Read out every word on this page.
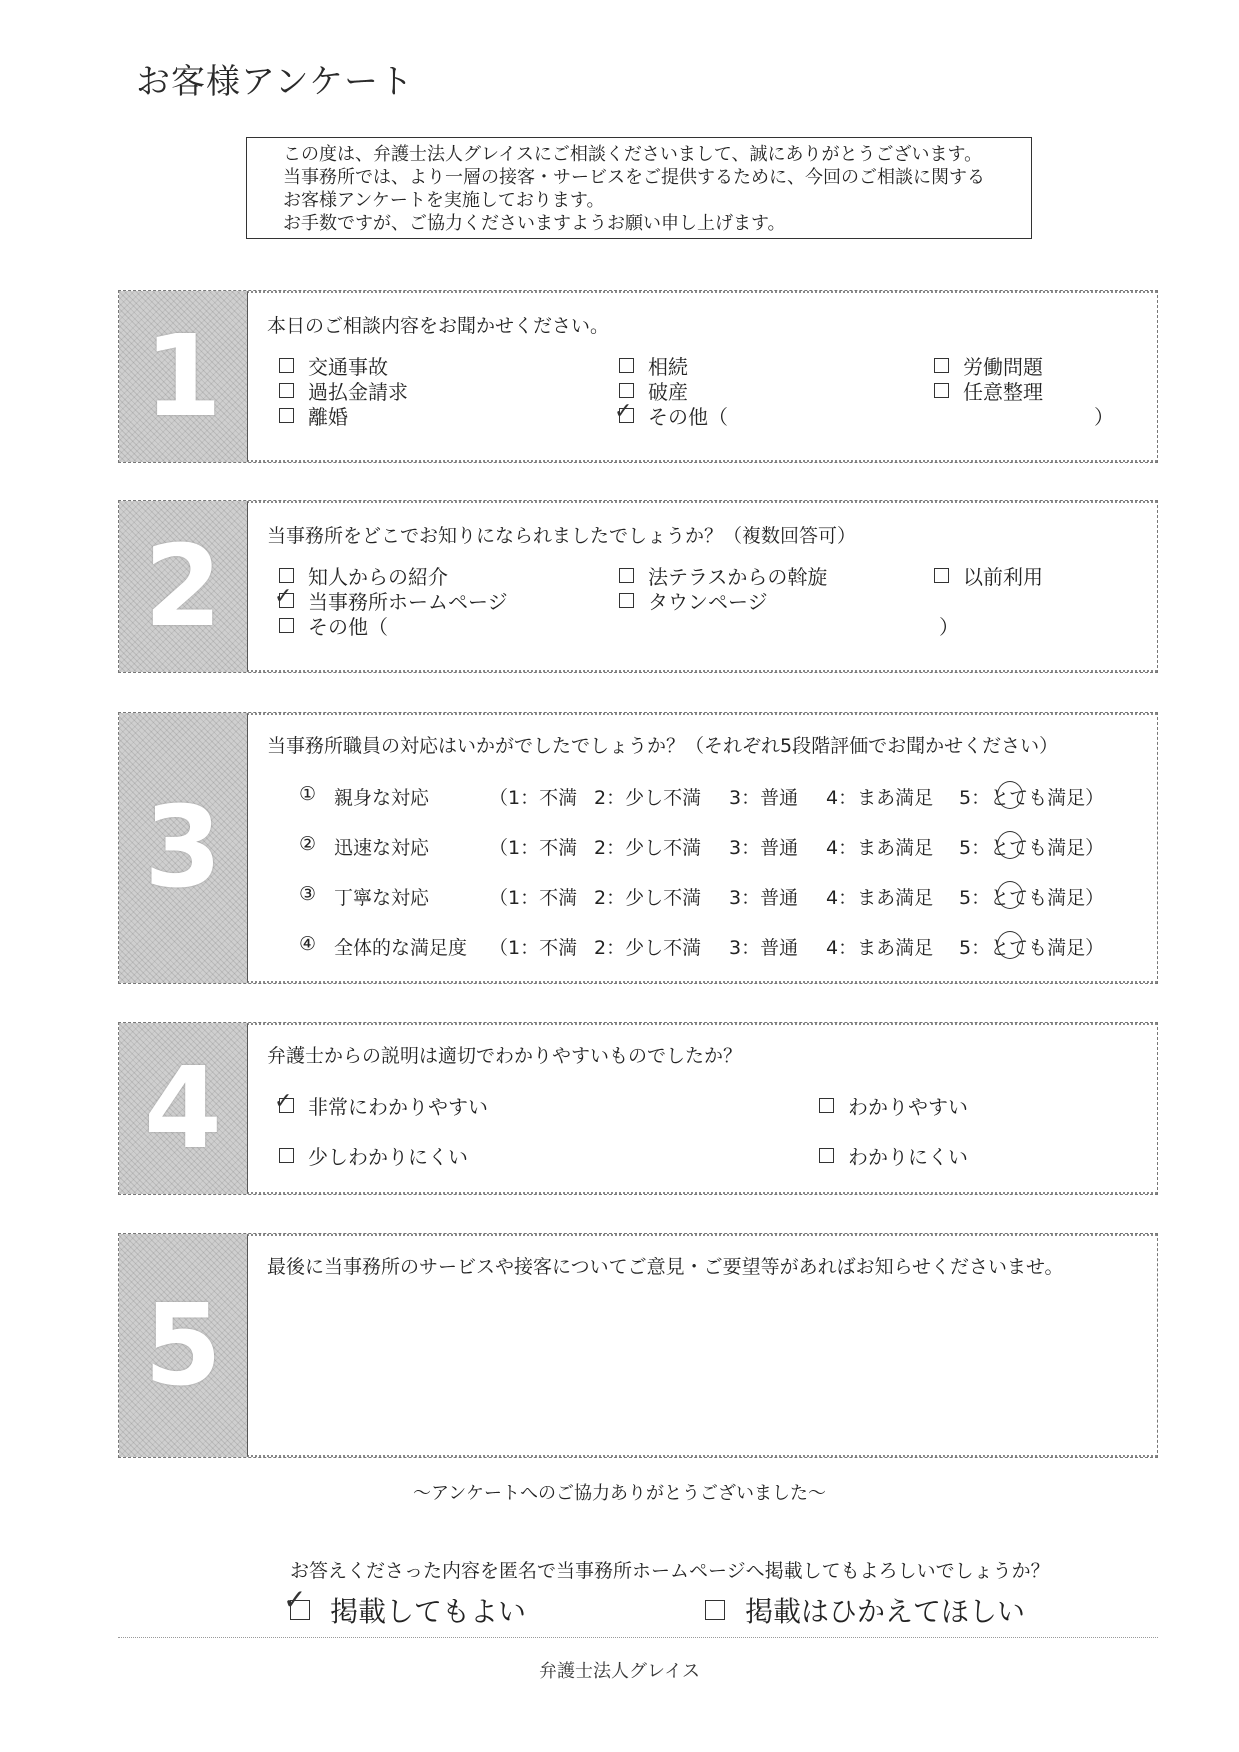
お客様アンケート
この度は、弁護士法人グレイスにご相談くださいまして、誠にありがとうございます。
当事務所では、より一層の接客・サービスをご提供するために、今回のご相談に関する
お客様アンケートを実施しております。
お手数ですが、ご協力くださいますようお願い申し上げます。
1 本日のご相談内容をお聞かせください。
交通事故	相続	労働問題
過払金請求	破産	任意整理
離婚	✓ その他（	）
2 当事務所をどこでお知りになられましたでしょうか？（複数回答可）
知人からの紹介	法テラスからの斡旋	以前利用
✓ 当事務所ホームページ	タウンページ
その他（	）
3
当事務所職員の対応はいかがでしたでしょうか？（それぞれ5段階評価でお聞かせください）
① 親身な対応	（1：不満 2：少し不満 3：普通 4：まあ満足 5：とても満足）
② 迅速な対応	（1：不満 2：少し不満 3：普通 4：まあ満足 5：とても満足）
③ 丁寧な対応	（1：不満 2：少し不満 3：普通 4：まあ満足 5：とても満足）
④ 全体的な満足度 （1：不満 2：少し不満 3：普通 4：まあ満足 5：とても満足）
4 弁護士からの説明は適切でわかりやすいものでしたか？
✓ 非常にわかりやすい	わかりやすい
少しわかりにくい	わかりにくい
5
最後に当事務所のサービスや接客についてご意見・ご要望等があればお知らせくださいませ。
～アンケートへのご協力ありがとうございました～
お答えくださった内容を匿名で当事務所ホームページへ掲載してもよろしいでしょうか？
✓ 掲載してもよい	掲載はひかえてほしい
弁護士法人グレイス
